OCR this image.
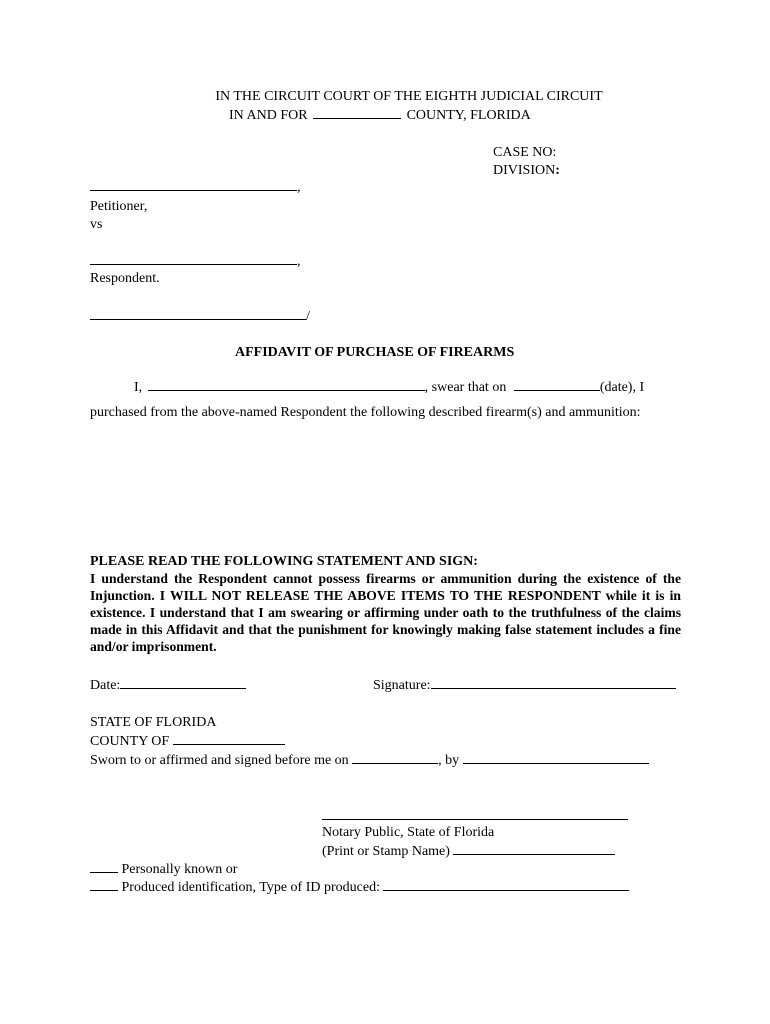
IN THE CIRCUIT COURT OF THE EIGHTH JUDICIAL CIRCUIT
IN AND FOR	COUNTY, FLORIDA
CASE NO:
DIVISION:
,
Petitioner,
vs
,
Respondent.
/
AFFIDAVIT OF PURCHASE OF FIREARMS
I,	, swear that on	(date), I
purchased from the above-named Respondent the following described firearm(s) and ammunition:
PLEASE READ THE FOLLOWING STATEMENT AND SIGN:
I understand the Respondent cannot possess firearms or ammunition during the existence of the Injunction. I WILL NOT RELEASE THE ABOVE ITEMS TO THE RESPONDENT while it is in existence. I understand that I am swearing or affirming under oath to the truthfulness of the claims made in this Affidavit and that the punishment for knowingly making false statement includes a fine and/or imprisonment.
Date:	Signature:
STATE OF FLORIDA
COUNTY OF
Sworn to or affirmed and signed before me on	, by
Notary Public, State of Florida
(Print or Stamp Name)
Personally known or
Produced identification, Type of ID produced:
